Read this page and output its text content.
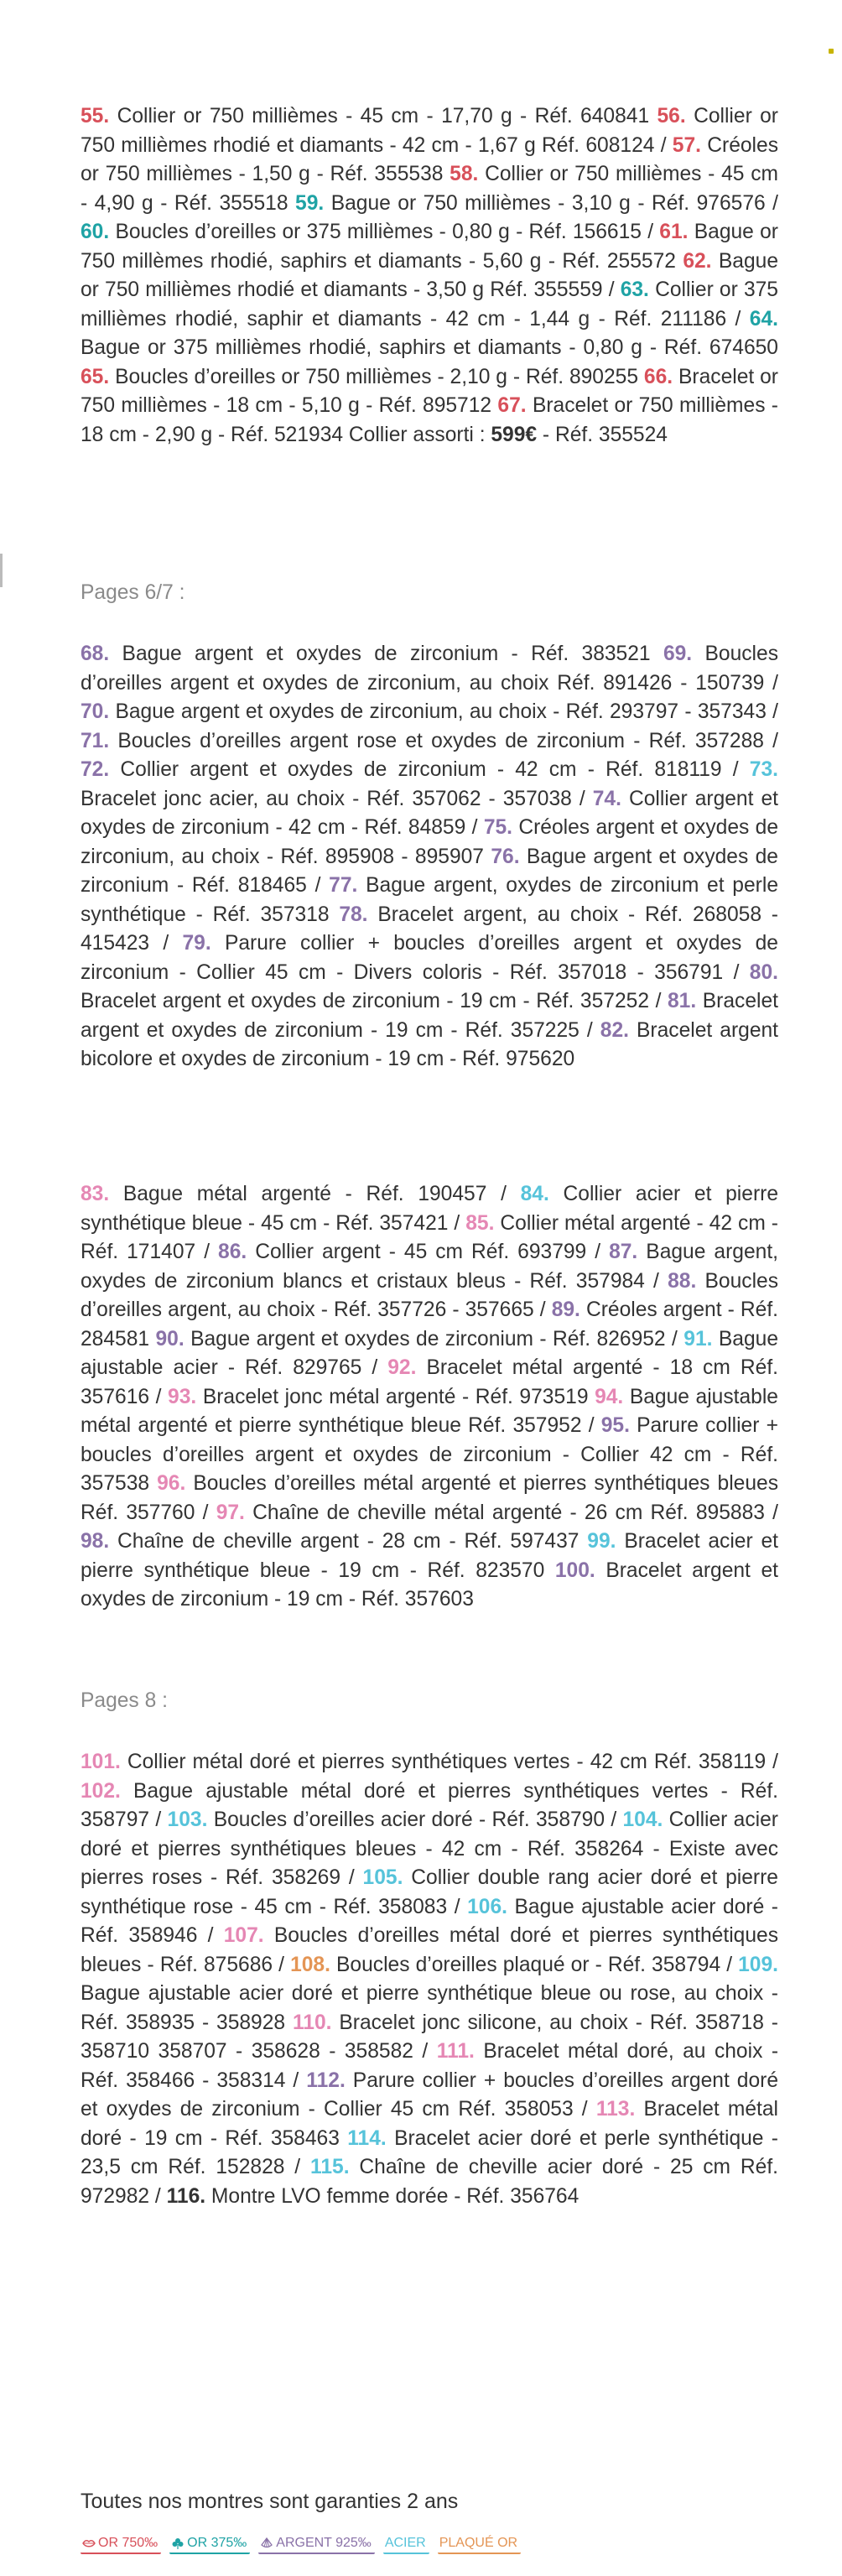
55. Collier or 750 millièmes - 45 cm - 17,70 g - Réf. 640841 56. Collier or 750 millièmes rhodié et diamants - 42 cm - 1,67 g Réf. 608124 / 57. Créoles or 750 millièmes - 1,50 g - Réf. 355538 58. Collier or 750 millièmes - 45 cm - 4,90 g - Réf. 355518 59. Bague or 750 millièmes - 3,10 g - Réf. 976576 / 60. Boucles d’oreilles or 375 millièmes - 0,80 g - Réf. 156615 / 61. Bague or 750 millèmes rhodié, saphirs et diamants - 5,60 g - Réf. 255572 62. Bague or 750 millièmes rhodié et diamants - 3,50 g Réf. 355559 / 63. Collier or 375 millièmes rhodié, saphir et diamants - 42 cm - 1,44 g - Réf. 211186 / 64. Bague or 375 millièmes rhodié, saphirs et diamants - 0,80 g - Réf. 674650 65. Boucles d’oreilles or 750 millièmes - 2,10 g - Réf. 890255 66. Bracelet or 750 millièmes - 18 cm - 5,10 g - Réf. 895712 67. Bracelet or 750 millièmes - 18 cm - 2,90 g - Réf. 521934 Collier assorti : 599€ - Réf. 355524
Pages 6/7 :
68. Bague argent et oxydes de zirconium - Réf. 383521 69. Boucles d’oreilles argent et oxydes de zirconium, au choix Réf. 891426 - 150739 / 70. Bague argent et oxydes de zirconium, au choix - Réf. 293797 - 357343 / 71. Boucles d’oreilles argent rose et oxydes de zirconium - Réf. 357288 / 72. Collier argent et oxydes de zirconium - 42 cm - Réf. 818119 / 73. Bracelet jonc acier, au choix - Réf. 357062 - 357038 / 74. Collier argent et oxydes de zirconium - 42 cm - Réf. 84859 / 75. Créoles argent et oxydes de zirconium, au choix - Réf. 895908 - 895907 76. Bague argent et oxydes de zirconium - Réf. 818465 / 77. Bague argent, oxydes de zirconium et perle synthétique - Réf. 357318 78. Bracelet argent, au choix - Réf. 268058 - 415423 / 79. Parure collier + boucles d’oreilles argent et oxydes de zirconium - Collier 45 cm - Divers coloris - Réf. 357018 - 356791 / 80. Bracelet argent et oxydes de zirconium - 19 cm - Réf. 357252 / 81. Bracelet argent et oxydes de zirconium - 19 cm - Réf. 357225 / 82. Bracelet argent bicolore et oxydes de zirconium - 19 cm - Réf. 975620
83. Bague métal argenté - Réf. 190457 / 84. Collier acier et pierre synthétique bleue - 45 cm - Réf. 357421 / 85. Collier métal argenté - 42 cm - Réf. 171407 / 86. Collier argent - 45 cm Réf. 693799 / 87. Bague argent, oxydes de zirconium blancs et cristaux bleus - Réf. 357984 / 88. Boucles d’oreilles argent, au choix - Réf. 357726 - 357665 / 89. Créoles argent - Réf. 284581 90. Bague argent et oxydes de zirconium - Réf. 826952 / 91. Bague ajustable acier - Réf. 829765 / 92. Bracelet métal argenté - 18 cm Réf. 357616 / 93. Bracelet jonc métal argenté - Réf. 973519 94. Bague ajustable métal argenté et pierre synthétique bleue Réf. 357952 / 95. Parure collier + boucles d’oreilles argent et oxydes de zirconium - Collier 42 cm - Réf. 357538 96. Boucles d’oreilles métal argenté et pierres synthétiques bleues Réf. 357760 / 97. Chaîne de cheville métal argenté - 26 cm Réf. 895883 / 98. Chaîne de cheville argent - 28 cm - Réf. 597437 99. Bracelet acier et pierre synthétique bleue - 19 cm - Réf. 823570 100. Bracelet argent et oxydes de zirconium - 19 cm - Réf. 357603
Pages 8 :
101. Collier métal doré et pierres synthétiques vertes - 42 cm Réf. 358119 / 102. Bague ajustable métal doré et pierres synthétiques vertes - Réf. 358797 / 103. Boucles d’oreilles acier doré - Réf. 358790 / 104. Collier acier doré et pierres synthétiques bleues - 42 cm - Réf. 358264 - Existe avec pierres roses - Réf. 358269 / 105. Collier double rang acier doré et pierre synthétique rose - 45 cm - Réf. 358083 / 106. Bague ajustable acier doré - Réf. 358946 / 107. Boucles d’oreilles métal doré et pierres synthétiques bleues - Réf. 875686 / 108. Boucles d’oreilles plaqué or - Réf. 358794 / 109. Bague ajustable acier doré et pierre synthétique bleue ou rose, au choix - Réf. 358935 - 358928 110. Bracelet jonc silicone, au choix - Réf. 358718 - 358710 358707 - 358628 - 358582 / 111. Bracelet métal doré, au choix - Réf. 358466 - 358314 / 112. Parure collier + boucles d’oreilles argent doré et oxydes de zirconium - Collier 45 cm Réf. 358053 / 113. Bracelet métal doré - 19 cm - Réf. 358463 114. Bracelet acier doré et perle synthétique - 23,5 cm Réf. 152828 / 115. Chaîne de cheville acier doré - 25 cm Réf. 972982 / 116. Montre LVO femme dorée - Réf. 356764
Toutes nos montres sont garanties 2 ans
OR 750‰ OR 375‰ ARGENT 925‰ ACIER PLAQUÉ OR
